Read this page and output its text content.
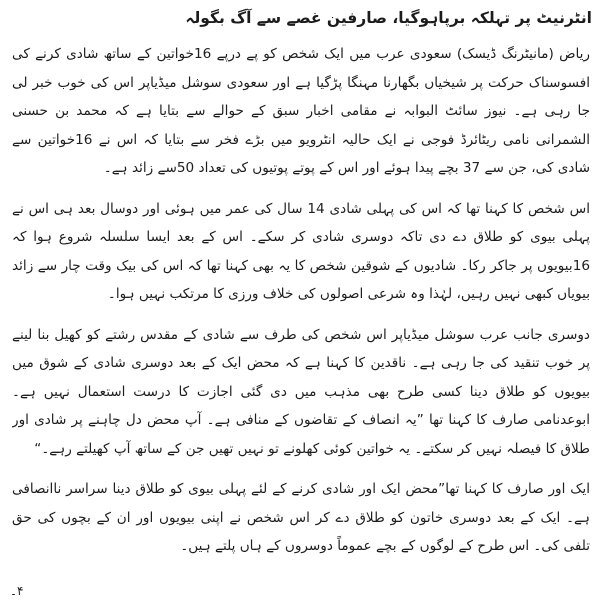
انٹرنیٹ پر تہلکہ برپاہوگیا، صارفین غصے سے آگ بگولہ

ریاض (مانیٹرنگ ڈیسک) سعودی عرب میں ایک شخص کو پے درپے 16خواتین کے ساتھ شادی کرنے کی افسوسناک حرکت پر شیخیاں بگھارنا مہنگا پڑگیا ہے اور سعودی سوشل میڈیاپر اس کی خوب خبر لی جا رہی ہے۔ نیوز سائٹ البوابہ نے مقامی اخبار سبق کے حوالے سے بتایا ہے کہ محمد بن حسنی الشمرانی نامی ریٹائرڈ فوجی نے ایک حالیہ انٹرویو میں بڑے فخر سے بتایا کہ اس نے 16خواتین سے شادی کی، جن سے 37 بچے پیدا ہوئے اور اس کے پوتے پوتیوں کی تعداد 50سے زائد ہے۔

اس شخص کا کہنا تھا کہ اس کی پہلی شادی 14 سال کی عمر میں ہوئی اور دوسال بعد ہی اس نے پہلی بیوی کو طلاق دے دی تاکہ دوسری شادی کر سکے۔ اس کے بعد ایسا سلسلہ شروع ہوا کہ 16بیویوں پر جاکر رکا۔ شادیوں کے شوقین شخص کا یہ بھی کہنا تھا کہ اس کی بیک وقت چار سے زائد بیویاں کبھی نہیں رہیں، لہٰذا وہ شرعی اصولوں کی خلاف ورزی کا مرتکب نہیں ہوا۔

دوسری جانب عرب سوشل میڈیاپر اس شخص کی طرف سے شادی کے مقدس رشتے کو کھیل بنا لینے پر خوب تنقید کی جا رہی ہے۔ ناقدین کا کہنا ہے کہ محض ایک کے بعد دوسری شادی کے شوق میں بیویوں کو طلاق دینا کسی طرح بھی مذہب میں دی گئی اجازت کا درست استعمال نہیں ہے۔ ابوعدنامی صارف کا کہنا تھا ”یہ انصاف کے تقاضوں کے منافی ہے۔ آپ محض دل چاہنے پر شادی اور طلاق کا فیصلہ نہیں کر سکتے۔ یہ خواتین کوئی کھلونے تو نہیں تھیں جن کے ساتھ آپ کھیلتے رہے۔“

ایک اور صارف کا کہنا تھا”محض ایک اور شادی کرنے کے لئے پہلی بیوی کو طلاق دینا سراسر ناانصافی ہے۔ ایک کے بعد دوسری خاتون کو طلاق دے کر اس شخص نے اپنی بیویوں اور ان کے بچوں کی حق تلفی کی۔ اس طرح کے لوگوں کے بچے عموماً دوسروں کے ہاں پلتے ہیں۔

۴۔
